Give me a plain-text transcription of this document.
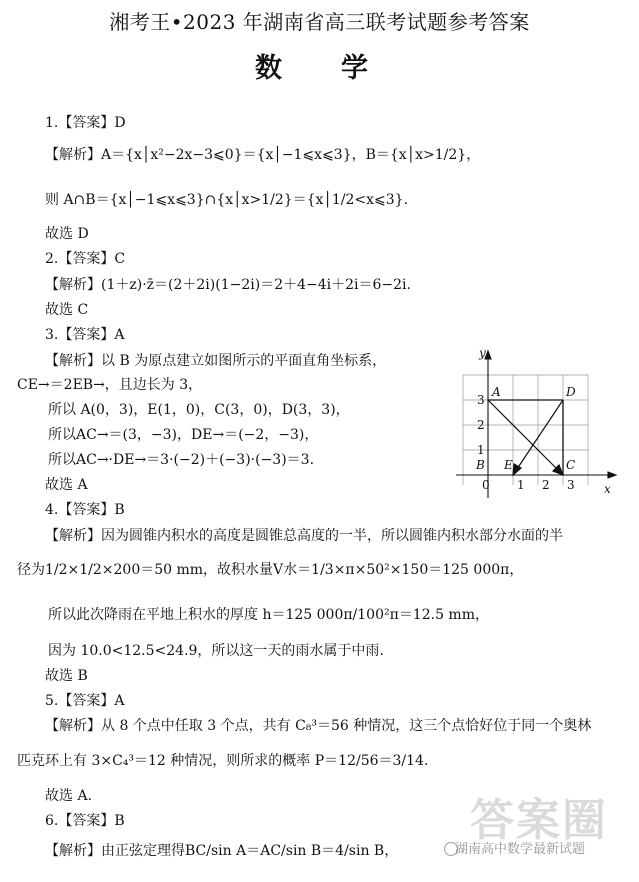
湘考王•2023 年湖南省高三联考试题参考答案
数　学
1.【答案】D
【解析】A＝{x│x²−2x−3⩽0}＝{x│−1⩽x⩽3}，B＝{x│x>1/2}，
则 A∩B＝{x│−1⩽x⩽3}∩{x│x>1/2}＝{x│1/2<x⩽3}.
故选 D
2.【答案】C
【解析】(1＋z)·z̄＝(2＋2i)(1−2i)＝2＋4−4i＋2i＝6−2i.
故选 C
3.【答案】A
【解析】以 B 为原点建立如图所示的平面直角坐标系，
CE→＝2EB→，且边长为 3，
所以 A(0，3)，E(1，0)，C(3，0)，D(3，3)，
所以AC→＝(3，−3)，DE→＝(−2，−3)，
所以AC→·DE→＝3·(−2)＋(−3)·(−3)＝3.
故选 A
4.【答案】B
【解析】因为圆锥内积水的高度是圆锥总高度的一半，所以圆锥内积水部分水面的半
径为1/2×1/2×200＝50 mm，故积水量V水＝1/3×π×50²×150＝125 000π，
所以此次降雨在平地上积水的厚度 h＝125 000π/100²π＝12.5 mm，
因为 10.0<12.5<24.9，所以这一天的雨水属于中雨.
故选 B
5.【答案】A
【解析】从 8 个点中任取 3 个点，共有 C₈³＝56 种情况，这三个点恰好位于同一个奥林
匹克环上有 3×C₄³＝12 种情况，则所求的概率 P＝12/56＝3/14.
故选 A.
6.【答案】B
【解析】由正弦定理得BC/sin A＝AC/sin B＝4/sin B，
y
x
3
2
1
0 1 2 3
A
B	C
D
E
答案圈
湖南高中数学最新试题
